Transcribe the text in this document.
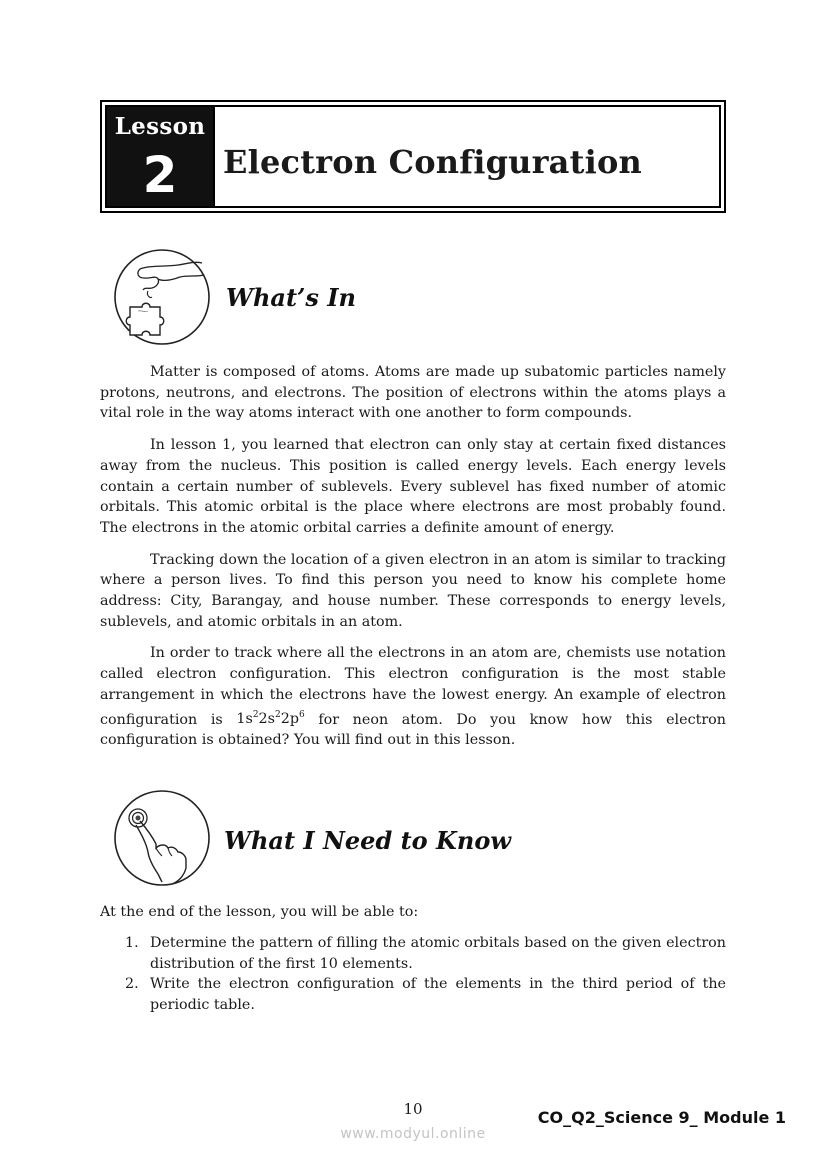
Lesson
2 Electron Configuration
What’s In

Matter is composed of atoms. Atoms are made up subatomic particles namely protons, neutrons, and electrons. The position of electrons within the atoms plays a vital role in the way atoms interact with one another to form compounds.

In lesson 1, you learned that electron can only stay at certain fixed distances away from the nucleus. This position is called energy levels. Each energy levels contain a certain number of sublevels. Every sublevel has fixed number of atomic orbitals. This atomic orbital is the place where electrons are most probably found. The electrons in the atomic orbital carries a definite amount of energy.

Tracking down the location of a given electron in an atom is similar to tracking where a person lives. To find this person you need to know his complete home address: City, Barangay, and house number. These corresponds to energy levels, sublevels, and atomic orbitals in an atom.

In order to track where all the electrons in an atom are, chemists use notation called electron configuration. This electron configuration is the most stable arrangement in which the electrons have the lowest energy. An example of electron configuration is $1s^22s^22p^6$ for neon atom. Do you know how this electron configuration is obtained? You will find out in this lesson.

What I Need to Know
At the end of the lesson, you will be able to:
1. Determine the pattern of filling the atomic orbitals based on the given electron distribution of the first 10 elements.
2. Write the electron configuration of the elements in the third period of the periodic table.
10	CO_Q2_Science 9_ Module 1
www.modyul.online
